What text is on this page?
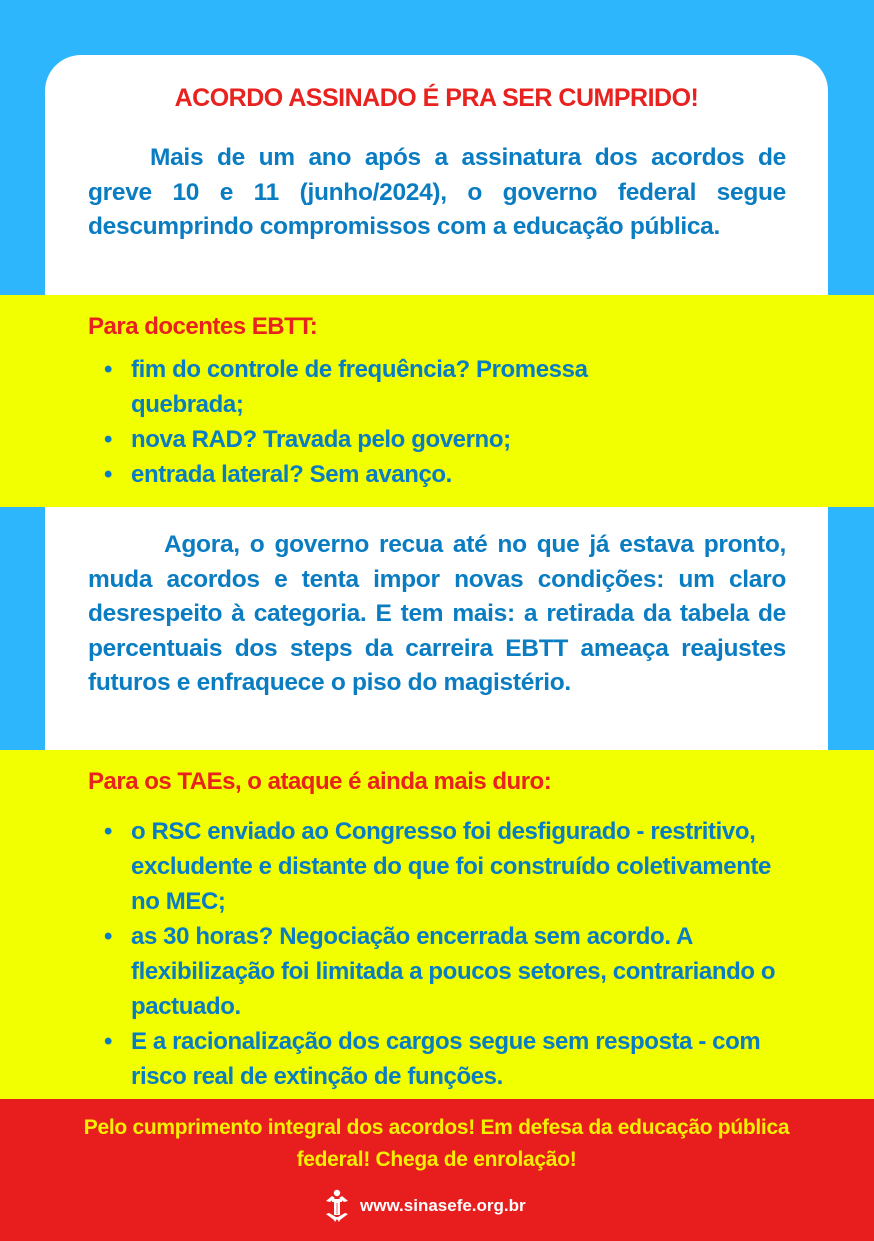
ACORDO ASSINADO É PRA SER CUMPRIDO!

Mais de um ano após a assinatura dos acordos de greve 10 e 11 (junho/2024), o governo federal segue descumprindo compromissos com a educação pública.

Para docentes EBTT:
• fim do controle de frequência? Promessa quebrada;
• nova RAD? Travada pelo governo;
• entrada lateral? Sem avanço.

Agora, o governo recua até no que já estava pronto, muda acordos e tenta impor novas condições: um claro desrespeito à categoria. E tem mais: a retirada da tabela de percentuais dos steps da carreira EBTT ameaça reajustes futuros e enfraquece o piso do magistério.

Para os TAEs, o ataque é ainda mais duro:
• o RSC enviado ao Congresso foi desfigurado - restritivo, excludente e distante do que foi construído coletivamente no MEC;
• as 30 horas? Negociação encerrada sem acordo. A flexibilização foi limitada a poucos setores, contrariando o pactuado.
• E a racionalização dos cargos segue sem resposta - com risco real de extinção de funções.

Pelo cumprimento integral dos acordos! Em defesa da educação pública federal! Chega de enrolação!

www.sinasefe.org.br
